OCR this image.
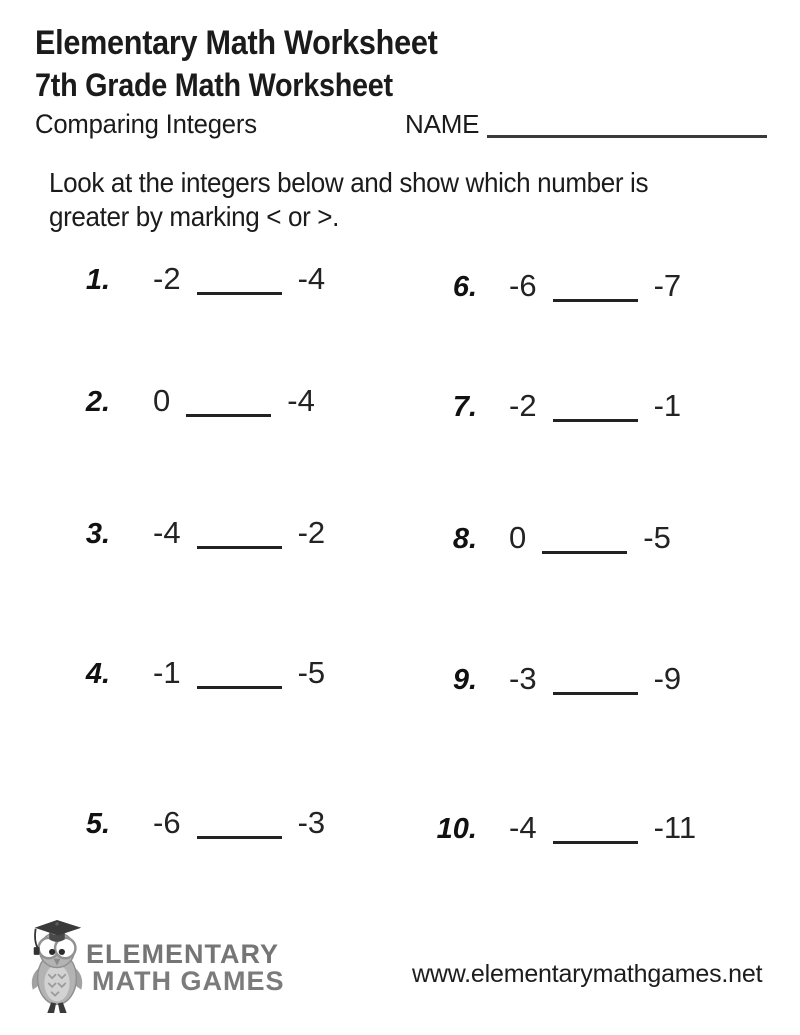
Elementary Math Worksheet
7th Grade Math Worksheet
Comparing Integers	NAME

Look at the integers below and show which number is
greater by marking < or >.

1. -2	-4
2. 0	-4
3. -4	-2
4. -1	-5
5. -6	-3
6. -6	-7
7. -2	-1
8. 0	-5
9. -3	-9
10. -4	-11
ELEMENTARY
MATH GAMES	www.elementarymathgames.net
